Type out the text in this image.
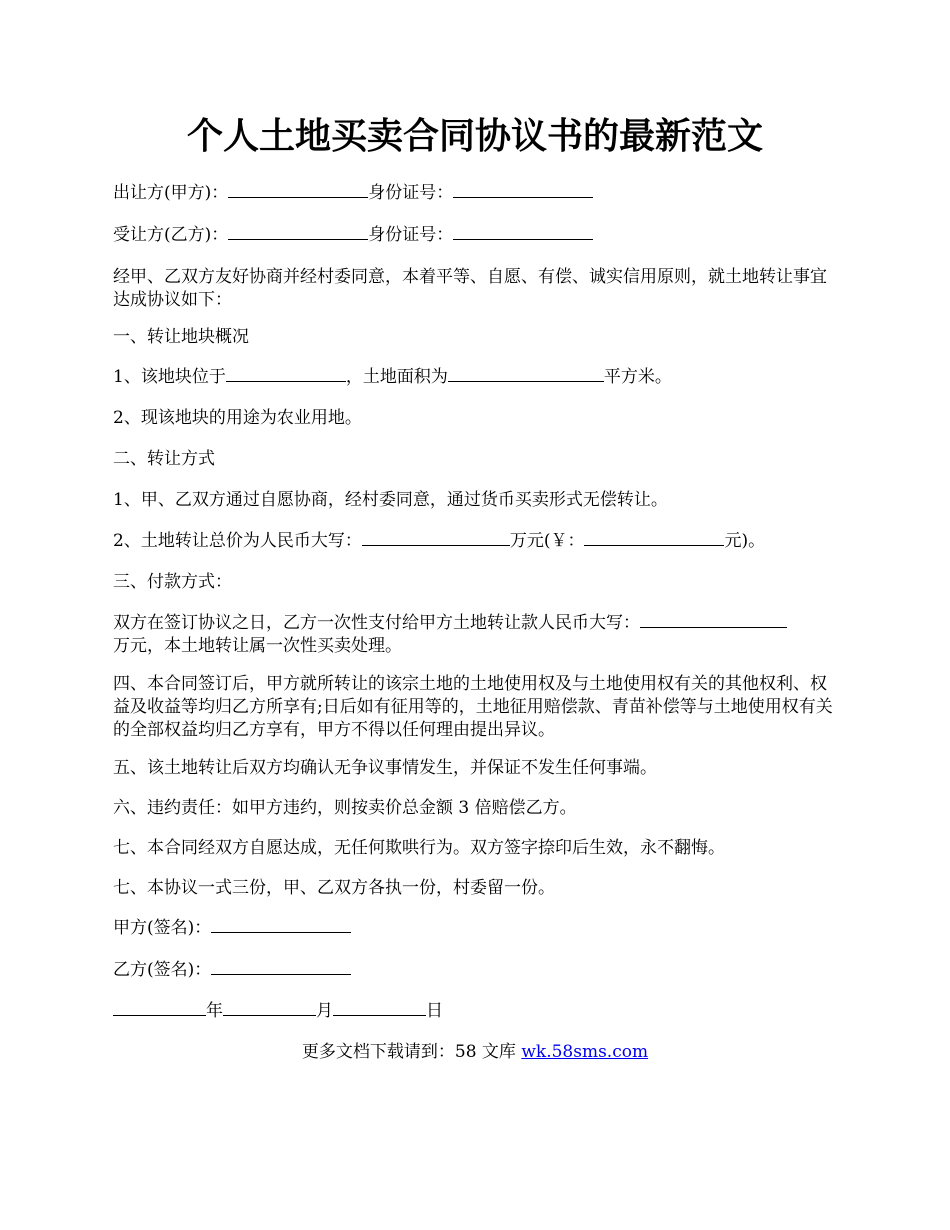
个人土地买卖合同协议书的最新范文

出让方(甲方)：	身份证号：

受让方(乙方)：	身份证号：

经甲、乙双方友好协商并经村委同意，本着平等、自愿、有偿、诚实信用原则，就土地转让事宜达成协议如下：

一、转让地块概况

1、该地块位于	，土地面积为	平方米。

2、现该地块的用途为农业用地。

二、转让方式

1、甲、乙双方通过自愿协商，经村委同意，通过货币买卖形式无偿转让。

2、土地转让总价为人民币大写：	万元(￥：	元)。

三、付款方式：

双方在签订协议之日，乙方一次性支付给甲方土地转让款人民币大写：

万元，本土地转让属一次性买卖处理。

四、本合同签订后，甲方就所转让的该宗土地的土地使用权及与土地使用权有关的其他权利、权益及收益等均归乙方所享有;日后如有征用等的，土地征用赔偿款、青苗补偿等与土地使用权有关的全部权益均归乙方享有，甲方不得以任何理由提出异议。

五、该土地转让后双方均确认无争议事情发生，并保证不发生任何事端。

六、违约责任：如甲方违约，则按卖价总金额 3 倍赔偿乙方。

七、本合同经双方自愿达成，无任何欺哄行为。双方签字捺印后生效，永不翻悔。

七、本协议一式三份，甲、乙双方各执一份，村委留一份。

甲方(签名)：

乙方(签名)：

年	月	日

更多文档下载请到：58 文库 wk.58sms.com
